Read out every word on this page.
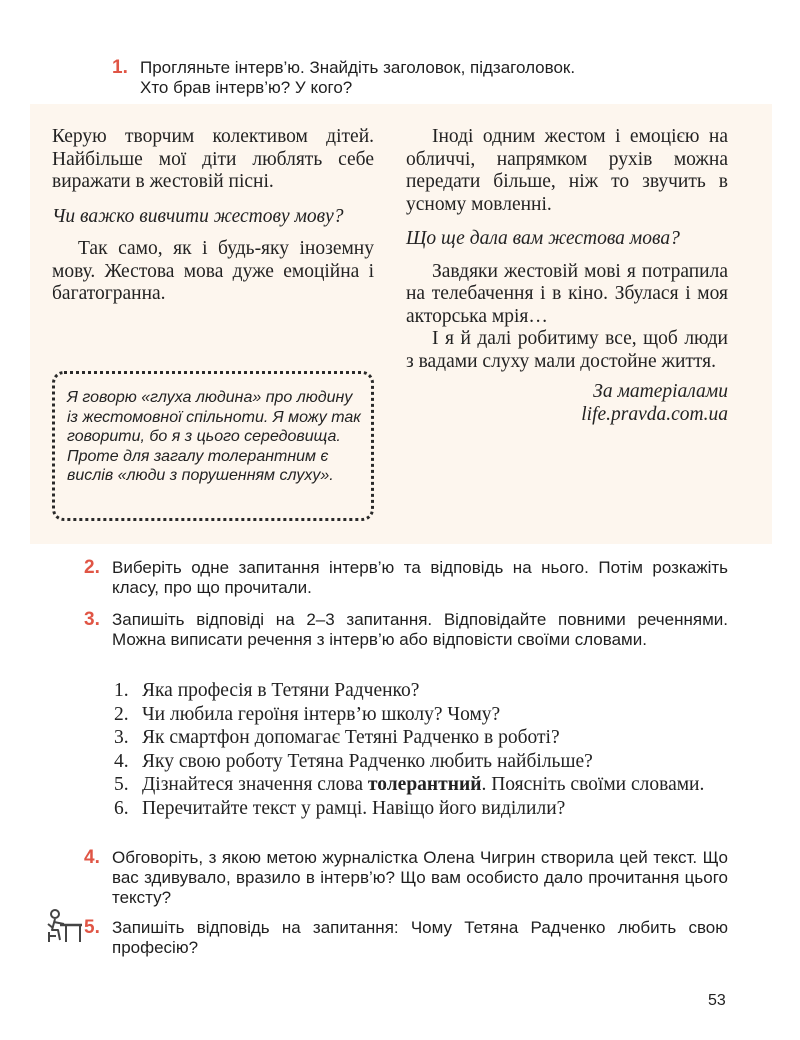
1. Прогляньте інтерв’ю. Знайдіть заголовок, підзаголовок.
Хто брав інтерв’ю? У кого?

Керую творчим колективом дітей. Найбільше мої діти люблять себе виражати в жестовій пісні.

Чи важко вивчити жестову мову?

Так само, як і будь-яку іноземну мову. Жестова мова дуже емоційна і багатогранна.

Я говорю «глуха людина» про людину із жестомовної спільноти. Я можу так говорити, бо я з цього середовища. Проте для загалу толерантним є вислів «люди з порушенням слуху».

Іноді одним жестом і емоцією на обличчі, напрямком рухів можна передати більше, ніж то звучить в усному мовленні.

Що ще дала вам жестова мова?

Завдяки жестовій мові я потрапила на телебачення і в кіно. Збулася і моя акторська мрія…

І я й далі робитиму все, щоб люди з вадами слуху мали достойне життя.

За матеріалами
life.pravda.com.ua

2. Виберіть одне запитання інтерв’ю та відповідь на нього. Потім розкажіть класу, про що прочитали.
3. Запишіть відповіді на 2–3 запитання. Відповідайте повними реченнями. Можна виписати речення з інтерв’ю або відповісти своїми словами.
1. Яка професія в Тетяни Радченко?
2. Чи любила героїня інтерв’ю школу? Чому?
3. Як смартфон допомагає Тетяні Радченко в роботі?
4. Яку свою роботу Тетяна Радченко любить найбільше?
5. Дізнайтеся значення слова толерантний. Поясніть своїми словами.
6. Перечитайте текст у рамці. Навіщо його виділили?
4. Обговоріть, з якою метою журналістка Олена Чигрин створила цей текст. Що вас здивувало, вразило в інтерв’ю? Що вам особисто дало прочитання цього тексту?
5. Запишіть відповідь на запитання: Чому Тетяна Радченко любить свою професію?
53
